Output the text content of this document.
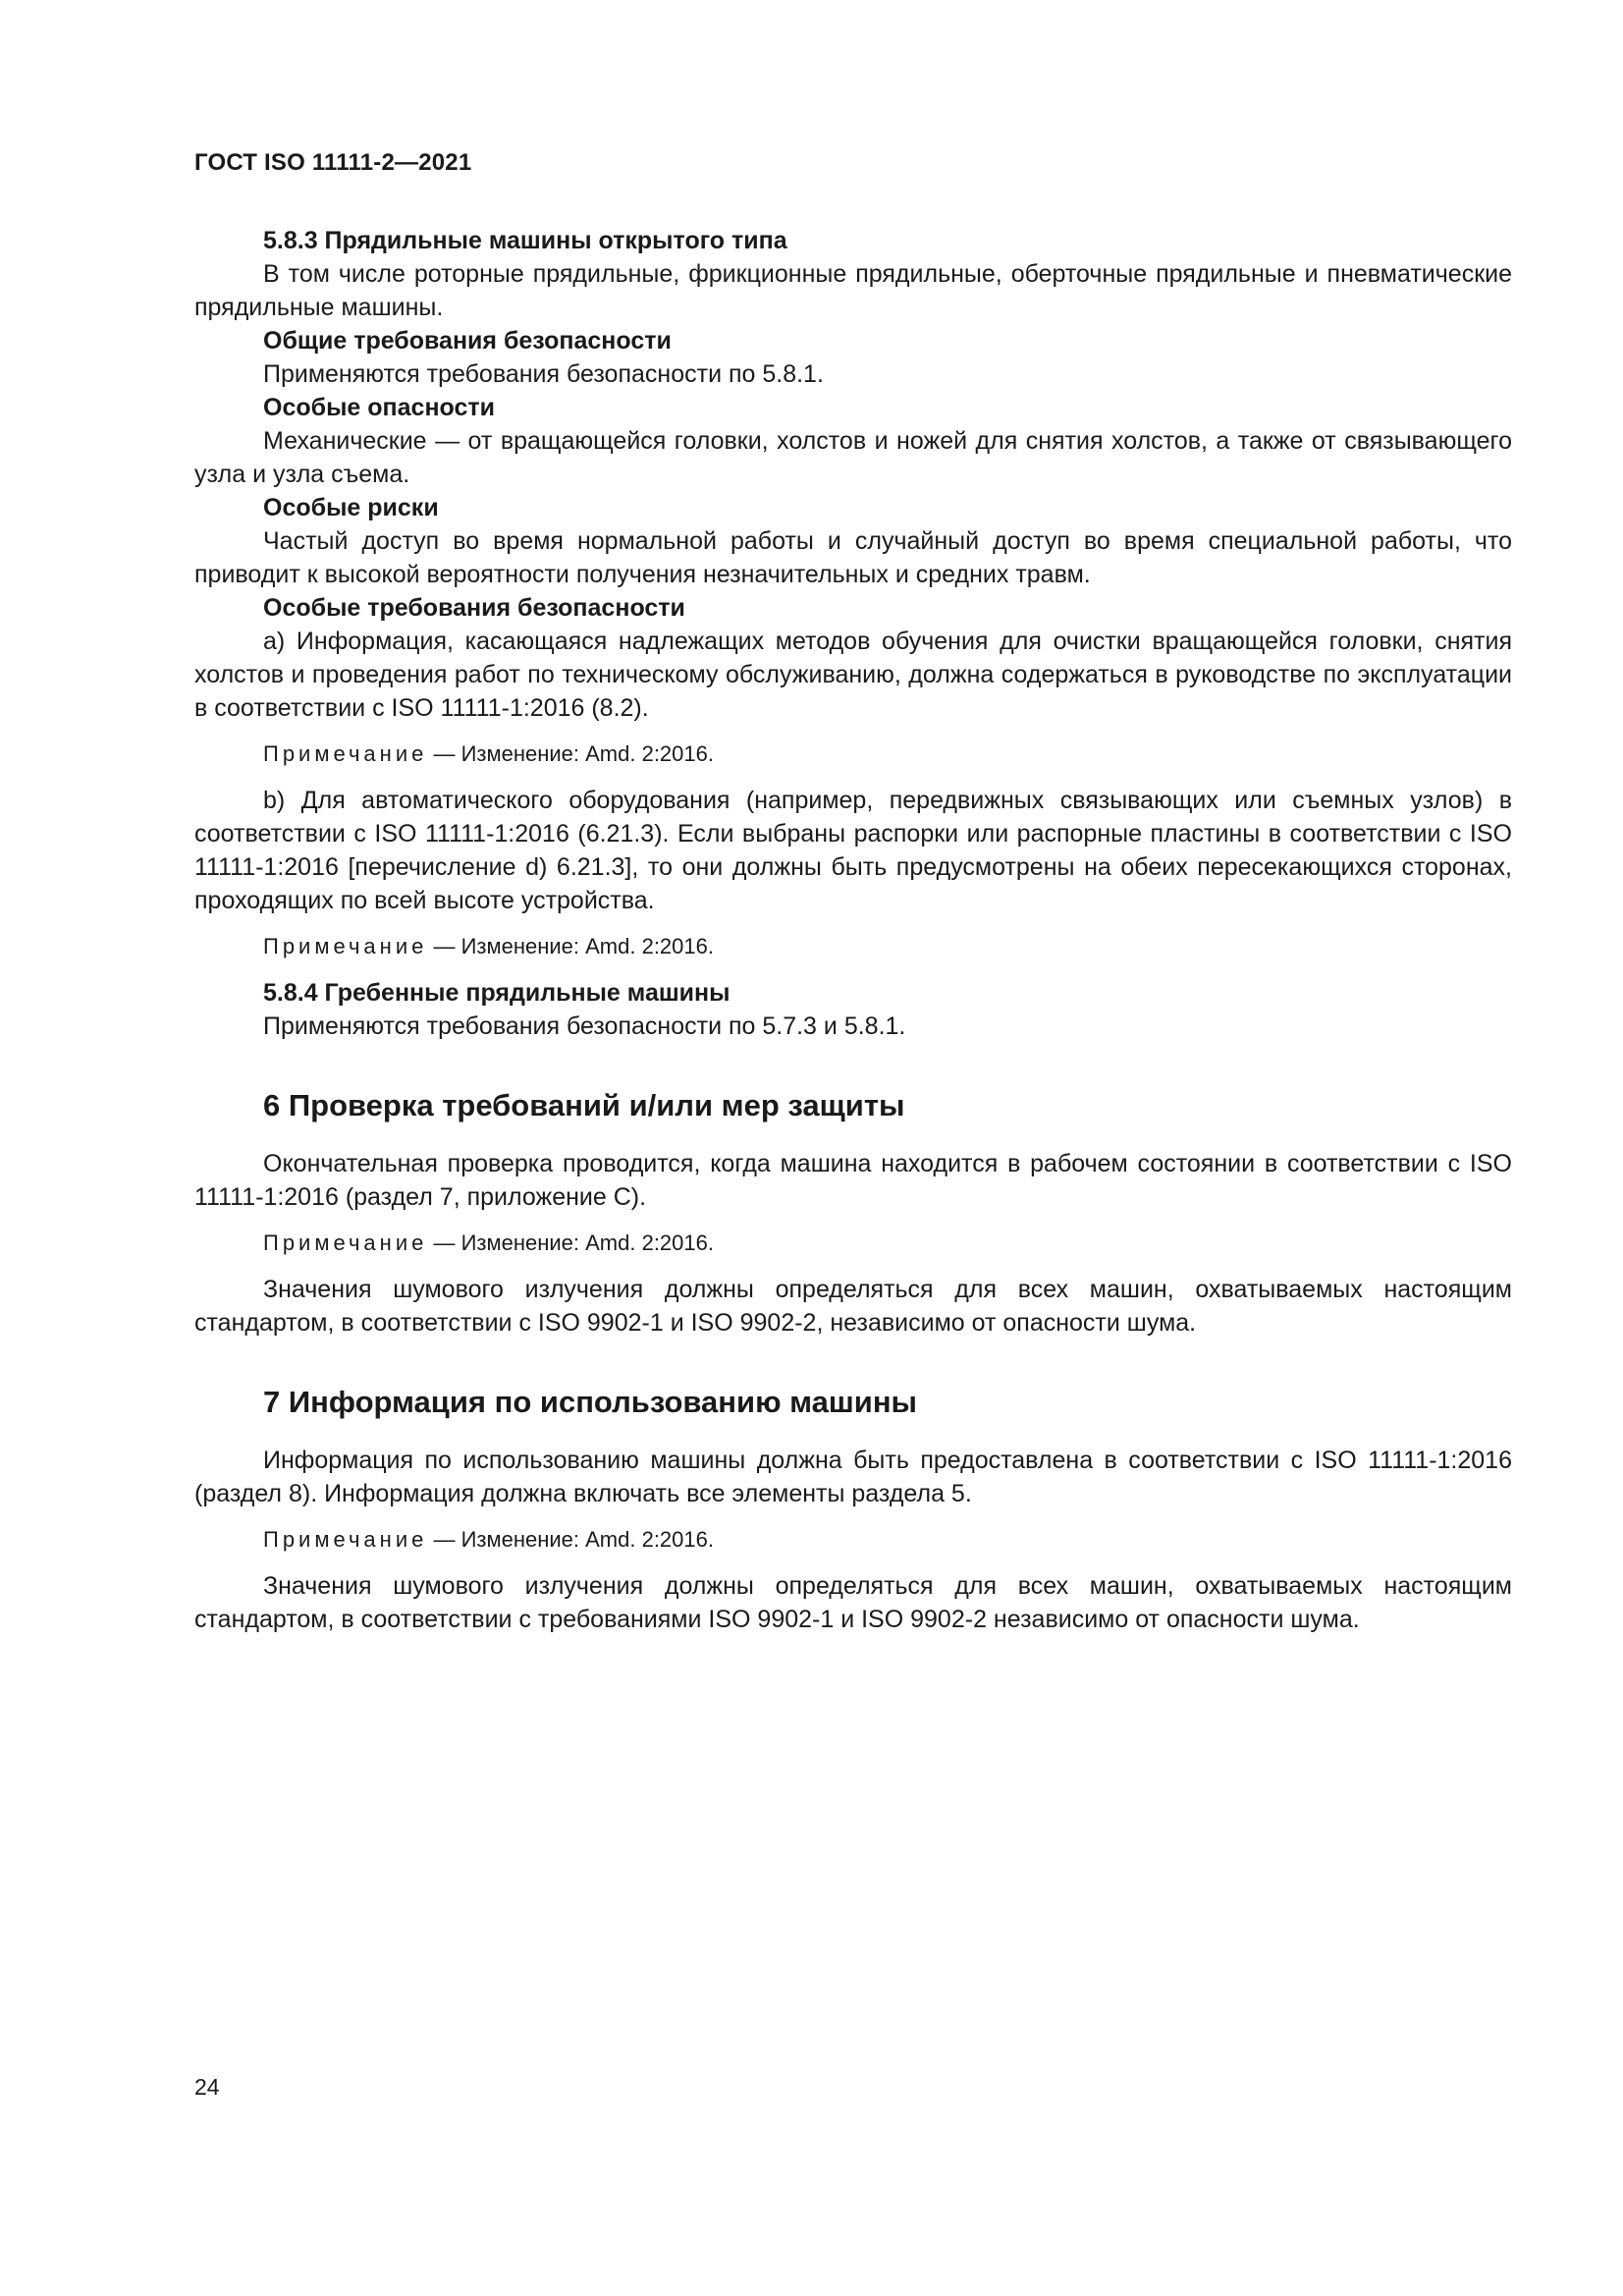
ГОСТ ISO 11111-2—2021

5.8.3 Прядильные машины открытого типа

В том числе роторные прядильные, фрикционные прядильные, оберточные прядильные и пневматические прядильные машины.

Общие требования безопасности

Применяются требования безопасности по 5.8.1.

Особые опасности

Механические — от вращающейся головки, холстов и ножей для снятия холстов, а также от связывающего узла и узла съема.

Особые риски

Частый доступ во время нормальной работы и случайный доступ во время специальной работы, что приводит к высокой вероятности получения незначительных и средних травм.

Особые требования безопасности

а) Информация, касающаяся надлежащих методов обучения для очистки вращающейся головки, снятия холстов и проведения работ по техническому обслуживанию, должна содержаться в руководстве по эксплуатации в соответствии с ISO 11111-1:2016 (8.2).

Примечание — Изменение: Amd. 2:2016.

b) Для автоматического оборудования (например, передвижных связывающих или съемных узлов) в соответствии с ISO 11111-1:2016 (6.21.3). Если выбраны распорки или распорные пластины в соответствии с ISO 11111-1:2016 [перечисление d) 6.21.3], то они должны быть предусмотрены на обеих пересекающихся сторонах, проходящих по всей высоте устройства.

Примечание — Изменение: Amd. 2:2016.

5.8.4 Гребенные прядильные машины

Применяются требования безопасности по 5.7.3 и 5.8.1.

6 Проверка требований и/или мер защиты

Окончательная проверка проводится, когда машина находится в рабочем состоянии в соответствии с ISO 11111-1:2016 (раздел 7, приложение С).

Примечание — Изменение: Amd. 2:2016.

Значения шумового излучения должны определяться для всех машин, охватываемых настоящим стандартом, в соответствии с ISO 9902-1 и ISO 9902-2, независимо от опасности шума.

7 Информация по использованию машины

Информация по использованию машины должна быть предоставлена в соответствии с ISO 11111-1:2016 (раздел 8). Информация должна включать все элементы раздела 5.

Примечание — Изменение: Amd. 2:2016.

Значения шумового излучения должны определяться для всех машин, охватываемых настоящим стандартом, в соответствии с требованиями ISO 9902-1 и ISO 9902-2 независимо от опасности шума.

24
